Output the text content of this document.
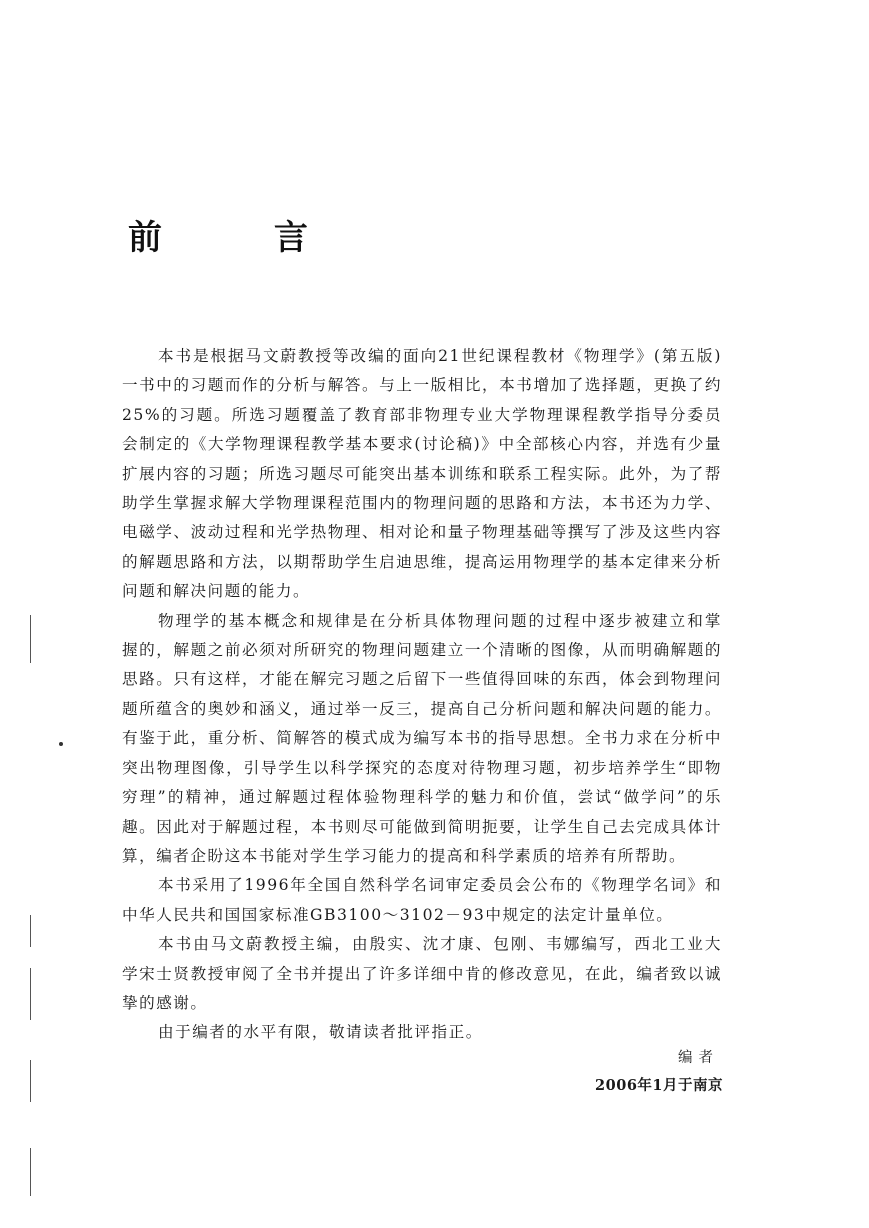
前 言

本书是根据马文蔚教授等改编的面向21世纪课程教材《物理学》(第五版)一书中的习题而作的分析与解答。与上一版相比，本书增加了选择题，更换了约25%的习题。所选习题覆盖了教育部非物理专业大学物理课程教学指导分委员会制定的《大学物理课程教学基本要求(讨论稿)》中全部核心内容，并选有少量扩展内容的习题；所选习题尽可能突出基本训练和联系工程实际。此外，为了帮助学生掌握求解大学物理课程范围内的物理问题的思路和方法，本书还为力学、电磁学、波动过程和光学热物理、相对论和量子物理基础等撰写了涉及这些内容的解题思路和方法，以期帮助学生启迪思维，提高运用物理学的基本定律来分析问题和解决问题的能力。

物理学的基本概念和规律是在分析具体物理问题的过程中逐步被建立和掌握的，解题之前必须对所研究的物理问题建立一个清晰的图像，从而明确解题的思路。只有这样，才能在解完习题之后留下一些值得回味的东西，体会到物理问题所蕴含的奥妙和涵义，通过举一反三，提高自己分析问题和解决问题的能力。有鉴于此，重分析、简解答的模式成为编写本书的指导思想。全书力求在分析中突出物理图像，引导学生以科学探究的态度对待物理习题，初步培养学生“即物穷理”的精神，通过解题过程体验物理科学的魅力和价值，尝试“做学问”的乐趣。因此对于解题过程，本书则尽可能做到简明扼要，让学生自己去完成具体计算，编者企盼这本书能对学生学习能力的提高和科学素质的培养有所帮助。

本书采用了1996年全国自然科学名词审定委员会公布的《物理学名词》和中华人民共和国国家标准GB3100～3102－93中规定的法定计量单位。

本书由马文蔚教授主编，由殷实、沈才康、包刚、韦娜编写，西北工业大学宋士贤教授审阅了全书并提出了许多详细中肯的修改意见，在此，编者致以诚挚的感谢。

由于编者的水平有限，敬请读者批评指正。

编者
2006年1月于南京
